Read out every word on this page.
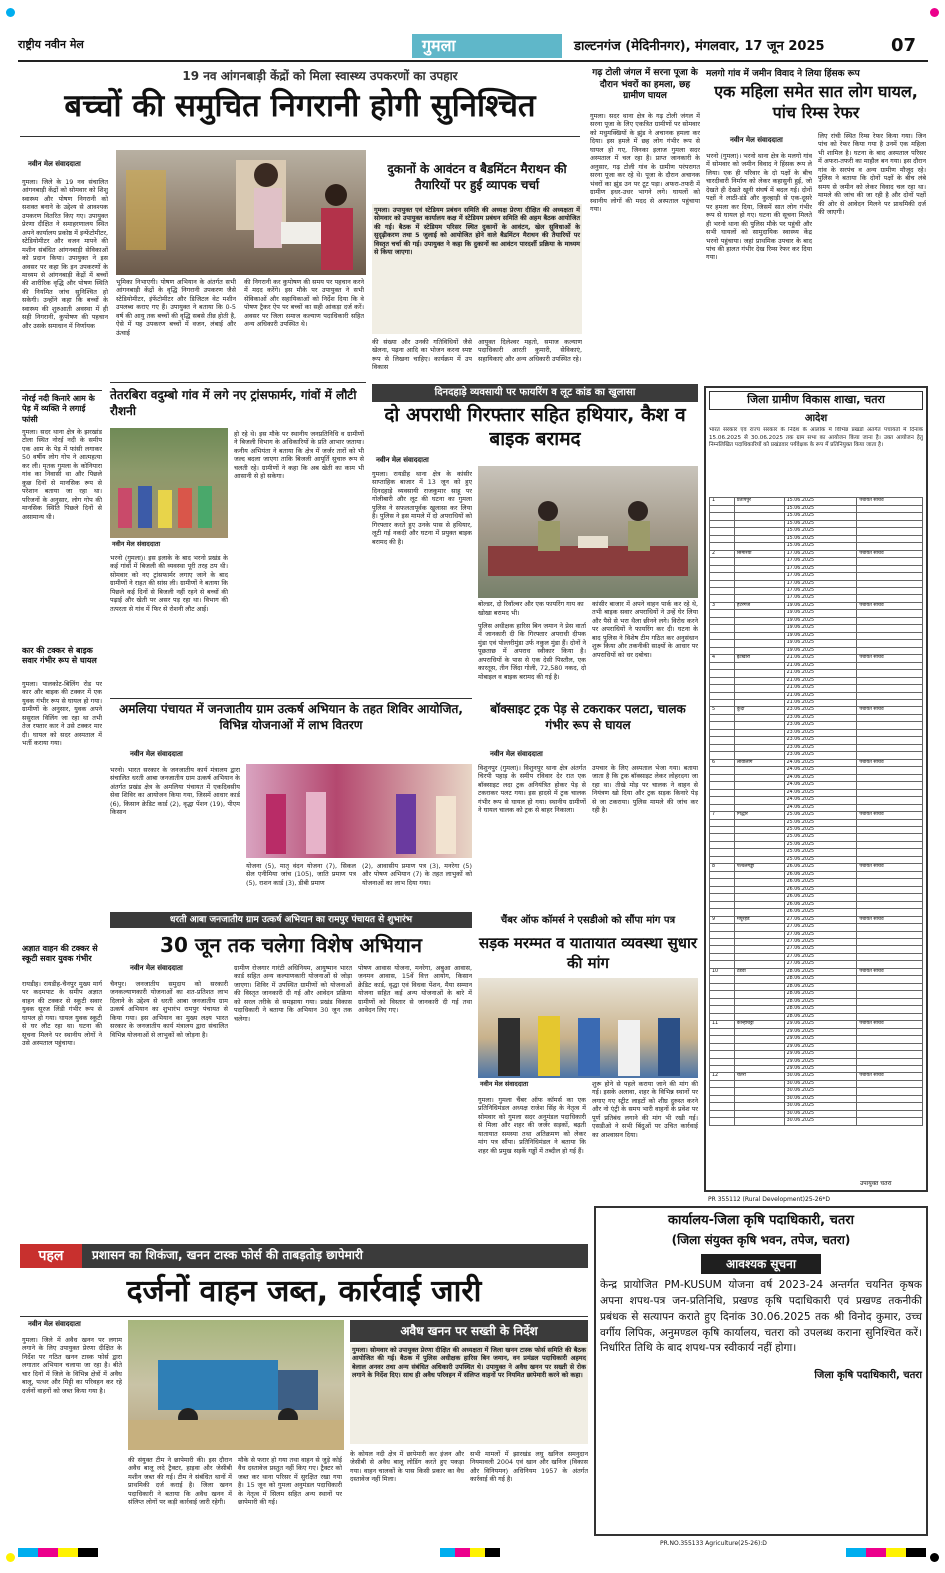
राष्ट्रीय नवीन मेल	गुमला	डाल्टनगंज (मेदिनीनगर), मंगलवार, 17 जून 2025	07
19 नव आंगनबाड़ी केंद्रों को मिला स्वास्थ्य उपकरणों का उपहार
बच्चों की समुचित निगरानी होगी सुनिश्चित
नवीन मेल संवाददाता
गुमला। जिले के 19 नव संचालित आंगनबाड़ी केंद्रों को सोमवार को शिशु स्वास्थ्य और पोषण निगरानी को सशक्त बनाने के उद्देश्य से आवश्यक उपकरण वितरित किए गए। उपायुक्त प्रेरणा दीक्षित ने समाहरणालय स्थित अपने कार्यालय प्रकोष्ठ में इन्फेंटोमीटर, स्टेडियोमीटर और वजन मापने की मशीन संबंधित आंगनबाड़ी सेविकाओं को प्रदान किया। उपायुक्त ने इस अवसर पर कहा कि इन उपकरणों के माध्यम से आंगनबाड़ी केंद्रों में बच्चों की शारीरिक वृद्धि और पोषण स्थिति की नियमित जांच सुनिश्चित हो सकेगी। उन्होंने कहा कि बच्चों के स्वास्थ्य की शुरुआती अवस्था में ही सही निगरानी, कुपोषण की पहचान और उसके समाधान में निर्णायक
भूमिका निभाएगी। पोषण अभियान के अंतर्गत सभी आंगनबाड़ी केंद्रों के वृद्धि निगरानी उपकरण जैसे स्टेडियोमीटर, इंफेंटोमीटर और डिजिटल वेट मशीन उपलब्ध कराए गए हैं। उपायुक्त ने बताया कि 0-5 वर्ष की आयु तक बच्चों की वृद्धि सबसे तीव्र होती है, ऐसे में यह उपकरण बच्चों में वजन, लंबाई और ऊंचाई
की निगरानी कर कुपोषण की समय पर पहचान करने में मदद करेंगे। इस मौके पर उपायुक्त ने सभी सेविकाओं और सहायिकाओं को निर्देश दिया कि वे पोषण ट्रैकर ऐप पर बच्चों का सही आंकड़ा दर्ज करें। अवसर पर जिला समाज कल्याण पदाधिकारी सहित अन्य अधिकारी उपस्थित थे।
दुकानों के आवंटन व बैडमिंटन मैराथन की तैयारियों पर हुई व्यापक चर्चा
गुमला। उपायुक्त एवं स्टेडियम प्रबंधन समिति की अध्यक्ष प्रेरणा दीक्षित की अध्यक्षता में सोमवार को उपायुक्त कार्यालय कक्ष में स्टेडियम प्रबंधन समिति की अहम बैठक आयोजित की गई। बैठक में स्टेडियम परिसर स्थित दुकानों के आवंटन, खेल सुविधाओं के सुदृढ़ीकरण तथा 5 जुलाई को आयोजित होने वाले बैडमिंटन मैराथन की तैयारियों पर विस्तृत चर्चा की गई। उपायुक्त ने कहा कि दुकानों का आवंटन पारदर्शी प्रक्रिया के माध्यम से किया जाएगा।
की संख्या और उनकी गतिविधियों जैसे खेलना, पढ़ना आदि का भोजन करना स्पष्ट रूप से लिखना चाहिए। कार्यक्रम में उप विकास
आयुक्त दिलेश्वर महतो, समाज कल्याण पदाधिकारी आरती कुमारी, सेविकाएं, सहायिकाएं और अन्य अधिकारी उपस्थित रहे।
गढ़ टोली जंगल में सरना पूजा के दौरान भंवरों का हमला, छह ग्रामीण घायल
गुमला। सदर थाना क्षेत्र के गढ़ टोली जंगल में सरना पूजा के लिए एकत्रित ग्रामीणों पर सोमवार को मधुमक्खियों के झुंड ने अचानक हमला कर दिया। इस हमले में छह लोग गंभीर रूप से घायल हो गए, जिनका इलाज गुमला सदर अस्पताल में चल रहा है। प्राप्त जानकारी के अनुसार, गढ़ टोली गांव के ग्रामीण परंपरागत सरना पूजा कर रहे थे। पूजा के दौरान अचानक भंवरों का झुंड उन पर टूट पड़ा। अफरा-तफरी में ग्रामीण इधर-उधर भागने लगे। घायलों को स्थानीय लोगों की मदद से अस्पताल पहुंचाया गया।
मलगो गांव में जमीन विवाद ने लिया हिंसक रूप
एक महिला समेत सात लोग घायल, पांच रिम्स रेफर
नवीन मेल संवाददाता
भरनो (गुमला)। भरनो थाना क्षेत्र के मलगो गांव में सोमवार को जमीन विवाद ने हिंसक रूप ले लिया। एक ही परिवार के दो पक्षों के बीच चारदीवारी निर्माण को लेकर कहासुनी हुई, जो देखते ही देखते खूनी संघर्ष में बदल गई। दोनों पक्षों ने लाठी-डंडे और कुल्हाड़ी से एक-दूसरे पर हमला कर दिया, जिसमें सात लोग गंभीर रूप से घायल हो गए। घटना की सूचना मिलते ही भरनो थाना की पुलिस मौके पर पहुंची और सभी घायलों को सामुदायिक स्वास्थ्य केंद्र भरनो पहुंचाया। जहां प्राथमिक उपचार के बाद पांच की हालत गंभीर देख रिम्स रेफर कर दिया गया।
लिए रांची स्थित रिम्स रेफर किया गया। जिन पांच को रेफर किया गया है उनमें एक महिला भी शामिल है। घटना के बाद अस्पताल परिसर में अफरा-तफरी का माहौल बन गया। इस दौरान गांव के सरपंच व अन्य ग्रामीण मौजूद रहे। पुलिस ने बताया कि दोनों पक्षों के बीच लंबे समय से जमीन को लेकर विवाद चल रहा था। मामले की जांच की जा रही है और दोनों पक्षों की ओर से आवेदन मिलने पर प्राथमिकी दर्ज की जाएगी।
नोरई नदी किनारे आम के पेड़ में व्यक्ति ने लगाई फांसी
गुमला। सदर थाना क्षेत्र के झरखांड टोला स्थित नोरई नदी के समीप एक आम के पेड़ में फांसी लगाकर 50 वर्षीय लोग गोप ने आत्महत्या कर ली। मृतक गुमला के कोनियारा गांव का निवासी था और पिछले कुछ दिनों से मानसिक रूप से परेशान बताया जा रहा था। परिजनों के अनुसार, लोग गोप की मानसिक स्थिति पिछले दिनों से असामान्य थी।
कार की टक्कर से बाइक सवार गंभीर रूप से घायल
गुमला। पालकोट-बिलिंग रोड पर कार और बाइक की टक्कर में एक युवक गंभीर रूप से घायल हो गया। ग्रामीणों के अनुसार, युवक अपने ससुराल विलिंग जा रहा था तभी तेज रफ्तार कार ने उसे टक्कर मार दी। घायल को सदर अस्पताल में भर्ती कराया गया।
अज्ञात वाहन की टक्कर से स्कूटी सवार युवक गंभीर
रायडीह। रायडीह-चैनपुर मुख्य मार्ग पर कदमपाट के समीप अज्ञात वाहन की टक्कर से स्कूटी सवार युवक सूरज लिंडी गंभीर रूप से घायल हो गया। घायल युवक स्कूटी से घर लौट रहा था। घटना की सूचना मिलने पर स्थानीय लोगों ने उसे अस्पताल पहुंचाया।
तेतरबिरा वदुम्बो गांव में लगे नए ट्रांसफार्मर, गांवों में लौटी रौशनी
नवीन मेल संवाददाता
भरनो (गुमला)। इस इलाके के बाद भरनो प्रखंड के कई गांवों में बिजली की व्यवस्था पूरी तरह ठप थी। सोमवार को नए ट्रांसफार्मर लगाए जाने के बाद ग्रामीणों ने राहत की सांस ली। ग्रामीणों ने बताया कि पिछले कई दिनों से बिजली नहीं रहने से बच्चों की पढ़ाई और खेती पर असर पड़ रहा था। विभाग की तत्परता से गांव में फिर से रोशनी लौट आई।
हो रहे थे। इस मौके पर स्थानीय जनप्रतिनिधि व ग्रामीणों ने बिजली विभाग के अधिकारियों के प्रति आभार जताया। कनीय अभियंता ने बताया कि क्षेत्र में जर्जर तारों को भी जल्द बदला जाएगा ताकि बिजली आपूर्ति सुचारु रूप से चलती रहे। ग्रामीणों ने कहा कि अब खेती का काम भी आसानी से हो सकेगा।
दिनदहाड़े व्यवसायी पर फायरिंग व लूट कांड का खुलासा
दो अपराधी गिरफ्तार सहित हथियार, कैश व बाइक बरामद
नवीन मेल संवाददाता
गुमला। रायडीह थाना क्षेत्र के कांसीर साप्ताहिक बाजार में 13 जून को हुए दिनदहाड़े व्यवसायी राजकुमार साहू पर गोलीबारी और लूट की घटना का गुमला पुलिस ने सफलतापूर्वक खुलासा कर लिया है। पुलिस ने इस मामले में दो अपराधियों को गिरफ्तार करते हुए उनके पास से हथियार, लूटी गई नकदी और घटना में प्रयुक्त बाइक बरामद की है।
बोल्डर, दो रिवॉल्वर और एक फायरिंग गाय का खोखा बरामद भी।
पुलिस अधीक्षक हारिस बिन जमान ने प्रेस वार्ता में जानकारी दी कि गिरफ्तार अपराधी दीपक मुंडा एवं पोल्तरीमुंडा उर्फ नकुल मुंडा हैं। दोनों ने पूछताछ में अपराध स्वीकार किया है। अपराधियों के पास से एक देसी पिस्तौल, एक कारतूस, तीन जिंदा गोली, 72,580 नकद, दो मोबाइल व बाइक बरामद की गई है।
कांसीर बाजार में अपने वाहन पार्क कर रहे थे, तभी बाइक सवार अपराधियों ने उन्हें घेर लिया और पैसे से भरा थैला छीनने लगे। विरोध करने पर अपराधियों ने फायरिंग कर दी। घटना के बाद पुलिस ने विशेष टीम गठित कर अनुसंधान शुरू किया और तकनीकी साक्ष्यों के आधार पर अपराधियों को धर दबोचा।
अमलिया पंचायत में जनजातीय ग्राम उत्कर्ष अभियान के तहत शिविर आयोजित, विभिन्न योजनाओं में लाभ वितरण
नवीन मेल संवाददाता
भरनो। भारत सरकार के जनजातीय कार्य मंत्रालय द्वारा संचालित धरती आबा जनजातीय ग्राम उत्कर्ष अभियान के अंतर्गत प्रखंड क्षेत्र के अमलिया पंचायत में एकदिवसीय सेवा शिविर का आयोजन किया गया, जिसमें आधार कार्ड (6), किसान क्रेडिट कार्ड (2), वृद्धा पेंशन (19), पीएम किसान
योजना (5), मातृ वंदन योजना (7), सिकल सेल एनीमिया जांच (105), जाति प्रमाण पत्र (5), राशन कार्ड (3), डीबी प्रमाण
(2), आवासीय प्रमाण पत्र (3), मनरेगा (5) और पोषण अभियान (7) के तहत लाभुकों को योजनाओं का लाभ दिया गया।
बॉक्साइट ट्रक पेड़ से टकराकर पलटा, चालक गंभीर रूप से घायल
नवीन मेल संवाददाता
विशुनपुर (गुमला)। विशुनपुर थाना क्षेत्र अंतर्गत चिरपी पहाड़ के समीप रविवार देर रात एक बॉक्साइट लदा ट्रक अनियंत्रित होकर पेड़ से टकराकर पलट गया। इस हादसे में ट्रक चालक गंभीर रूप से घायल हो गया। स्थानीय ग्रामीणों ने घायल चालक को ट्रक से बाहर निकाला।
उपचार के लिए अस्पताल भेजा गया। बताया जाता है कि ट्रक बॉक्साइट लेकर लोहरदगा जा रहा था। तीखे मोड़ पर चालक ने वाहन से नियंत्रण खो दिया और ट्रक सड़क किनारे पेड़ से जा टकराया। पुलिस मामले की जांच कर रही है।
धरती आबा जनजातीय ग्राम उत्कर्ष अभियान का रामपुर पंचायत से शुभारंभ
30 जून तक चलेगा विशेष अभियान
नवीन मेल संवाददाता
चैनपुर। जनजातीय समुदाय को सरकारी जनकल्याणकारी योजनाओं का शत-प्रतिशत लाभ दिलाने के उद्देश्य से धरती आबा जनजातीय ग्राम उत्कर्ष अभियान का शुभारंभ रामपुर पंचायत से किया गया। इस अभियान का मुख्य लक्ष्य भारत सरकार के जनजातीय कार्य मंत्रालय द्वारा संचालित विभिन्न योजनाओं से लाभुकों को जोड़ना है।
ग्रामीण रोजगार गारंटी अधिनियम, आयुष्मान भारत कार्ड सहित अन्य कल्याणकारी योजनाओं से जोड़ा जाएगा। शिविर में उपस्थित ग्रामीणों को योजनाओं की विस्तृत जानकारी दी गई और आवेदन प्रक्रिया को सरल तरीके से समझाया गया। प्रखंड विकास पदाधिकारी ने बताया कि अभियान 30 जून तक चलेगा।
पोषण आवास योजना, मनरेगा, अबुआ आवास, जनमन आवास, 15वें वित्त आयोग, किसान क्रेडिट कार्ड, वृद्धा एवं विधवा पेंशन, मैया सम्मान योजना सहित कई अन्य योजनाओं के बारे में ग्रामीणों को विस्तार से जानकारी दी गई तथा आवेदन लिए गए।
चैंबर ऑफ कॉमर्स ने एसडीओ को सौंपा मांग पत्र
सड़क मरम्मत व यातायात व्यवस्था सुधार की मांग
नवीन मेल संवाददाता
गुमला। गुमला चैंबर ऑफ कॉमर्स का एक प्रतिनिधिमंडल अध्यक्ष राजेश सिंह के नेतृत्व में सोमवार को गुमला सदर अनुमंडल पदाधिकारी से मिला और शहर की जर्जर सड़कों, बढ़ती यातायात समस्या तथा अतिक्रमण को लेकर मांग पत्र सौंपा। प्रतिनिधिमंडल ने बताया कि शहर की प्रमुख सड़कें गड्ढों में तब्दील हो गई हैं।
शुरू होने से पहले कराया जाने की मांग की गई। इसके अलावा, शहर के विभिन्न स्थानों पर लगाए गए स्ट्रीट लाइटों को शीघ्र दुरुस्त करने और नो एंट्री के समय भारी वाहनों के प्रवेश पर पूर्ण प्रतिबंध लगाने की मांग भी रखी गई। एसडीओ ने सभी बिंदुओं पर उचित कार्रवाई का आश्वासन दिया।
जिला ग्रामीण विकास शाखा, चतरा
आदेश
भारत सरकार एवं राज्य सरकार के निर्देश के आलोक में विभिन्न प्रखंडों अंतर्गत पंचायतों में दिनांक 15.06.2025 से 30.06.2025 तक ग्राम सभा का आयोजन किया जाना है। उक्त आयोजन हेतु निम्नलिखित पदाधिकारियों को प्रखंडवार पर्यवेक्षक के रूप में प्रतिनियुक्त किया जाता है।
1	प्रतापपुर	15.06.2025	पंचायत सचिव
		15.06.2025	
		15.06.2025	
		15.06.2025	
		15.06.2025	
		15.06.2025	
		15.06.2025	
2	सिमरिया	17.06.2025	पंचायत सचिव
		17.06.2025	
		17.06.2025	
		17.06.2025	
		17.06.2025	
		17.06.2025	
		17.06.2025	
3	हंटरगंज	19.06.2025	पंचायत सचिव
		19.06.2025	
		19.06.2025	
		19.06.2025	
		19.06.2025	
		19.06.2025	
		19.06.2025	
4	इटखोरी	21.06.2025	पंचायत सचिव
		21.06.2025	
		21.06.2025	
		21.06.2025	
		21.06.2025	
		21.06.2025	
		21.06.2025	
5	कुंदा	23.06.2025	पंचायत सचिव
		23.06.2025	
		23.06.2025	
		23.06.2025	
		23.06.2025	
		23.06.2025	
		23.06.2025	
6	लावालौंग	24.06.2025	पंचायत सचिव
		24.06.2025	
		24.06.2025	
		24.06.2025	
		24.06.2025	
		24.06.2025	
		24.06.2025	
7	गिद्धौर	25.06.2025	पंचायत सचिव
		25.06.2025	
		25.06.2025	
		25.06.2025	
		25.06.2025	
		25.06.2025	
		25.06.2025	
8	पत्थलगड्डा	26.06.2025	पंचायत सचिव
		26.06.2025	
		26.06.2025	
		26.06.2025	
		26.06.2025	
		26.06.2025	
		26.06.2025	
9	मयूरहंड	27.06.2025	पंचायत सचिव
		27.06.2025	
		27.06.2025	
		27.06.2025	
		27.06.2025	
		27.06.2025	
		27.06.2025	
10	टंडवा	28.06.2025	पंचायत सचिव
		28.06.2025	
		28.06.2025	
		28.06.2025	
		28.06.2025	
		28.06.2025	
		28.06.2025	
11	कान्हाचट्टी	29.06.2025	पंचायत सचिव
		29.06.2025	
		29.06.2025	
		29.06.2025	
		29.06.2025	
		29.06.2025	
		29.06.2025	
12	चतरा	30.06.2025	पंचायत सचिव
		30.06.2025	
		30.06.2025	
		30.06.2025	
		30.06.2025	
		30.06.2025	
		30.06.2025	
PR 355112 (Rural Development)25-26*D
उपायुक्त चतरा
पहल	प्रशासन का शिकंजा, खनन टास्क फोर्स की ताबड़तोड़ छापेमारी
दर्जनों वाहन जब्त, कार्रवाई जारी
नवीन मेल संवाददाता
गुमला। जिले में अवैध खनन पर लगाम लगाने के लिए उपायुक्त प्रेरणा दीक्षित के निर्देश पर गठित खनन टास्क फोर्स द्वारा लगातार अभियान चलाया जा रहा है। बीते चार दिनों में जिले के विभिन्न क्षेत्रों में अवैध बालू, पत्थर और मिट्टी का परिवहन कर रहे दर्जनों वाहनों को जब्त किया गया है।
की संयुक्त टीम ने छापेमारी की। इस दौरान अवैध बालू लदे ट्रैक्टर, हाइवा और जेसीबी मशीन जब्त की गई। टीम ने संबंधित थानों में प्राथमिकी दर्ज कराई है। जिला खनन पदाधिकारी ने बताया कि अवैध खनन में संलिप्त लोगों पर कड़ी कार्रवाई जारी रहेगी।
मौके से फरार हो गया तथा वाहन से जुड़े कोई वैध दस्तावेज प्रस्तुत नहीं किए गए। ट्रैक्टर को जब्त कर थाना परिसर में सुरक्षित रखा गया है। 15 जून को गुमला अनुमंडल पदाधिकारी के नेतृत्व में सिलम सहित अन्य स्थानों पर छापेमारी की गई।
अवैध खनन पर सख्ती के निर्देश
गुमला। सोमवार को उपायुक्त प्रेरणा दीक्षित की अध्यक्षता में जिला खनन टास्क फोर्स समिति की बैठक आयोजित की गई। बैठक में पुलिस अधीक्षक हारिस बिन जमान, वन प्रमंडल पदाधिकारी अहमद बेलाल अनवर तथा अन्य संबंधित अधिकारी उपस्थित थे। उपायुक्त ने अवैध खनन पर सख्ती से रोक लगाने के निर्देश दिए। साथ ही अवैध परिवहन में संलिप्त वाहनों पर नियमित छापेमारी करने को कहा।
के कोयल नदी क्षेत्र में छापेमारी कर इंजन और जेसीबी से अवैध बालू लोडिंग करते हुए पकड़ा गया। वाहन चालकों के पास किसी प्रकार का वैध दस्तावेज नहीं मिला।
सभी मामलों में झारखंड लघु खनिज समनुदान नियमावली 2004 एवं खान और खनिज (विकास और विनियमन) अधिनियम 1957 के अंतर्गत कार्रवाई की गई है।
कार्यालय-जिला कृषि पदाधिकारी, चतरा
(जिला संयुक्त कृषि भवन, तपेज, चतरा)
आवश्यक सूचना
केन्द्र प्रायोजित PM-KUSUM योजना वर्ष 2023-24 अन्तर्गत चयनित कृषक अपना शपथ-पत्र जन-प्रतिनिधि, प्रखण्ड कृषि पदाधिकारी एवं प्रखण्ड तकनीकी प्रबंधक से सत्यापन कराते हुए दिनांक 30.06.2025 तक श्री विनोद कुमार, उच्च वर्गीय लिपिक, अनुमण्डल कृषि कार्यालय, चतरा को उपलब्ध कराना सुनिश्चित करें। निर्धारित तिथि के बाद शपथ-पत्र स्वीकार्य नहीं होगा।
जिला कृषि पदाधिकारी, चतरा
PR.NO.355133 Agriculture(25-26):D
